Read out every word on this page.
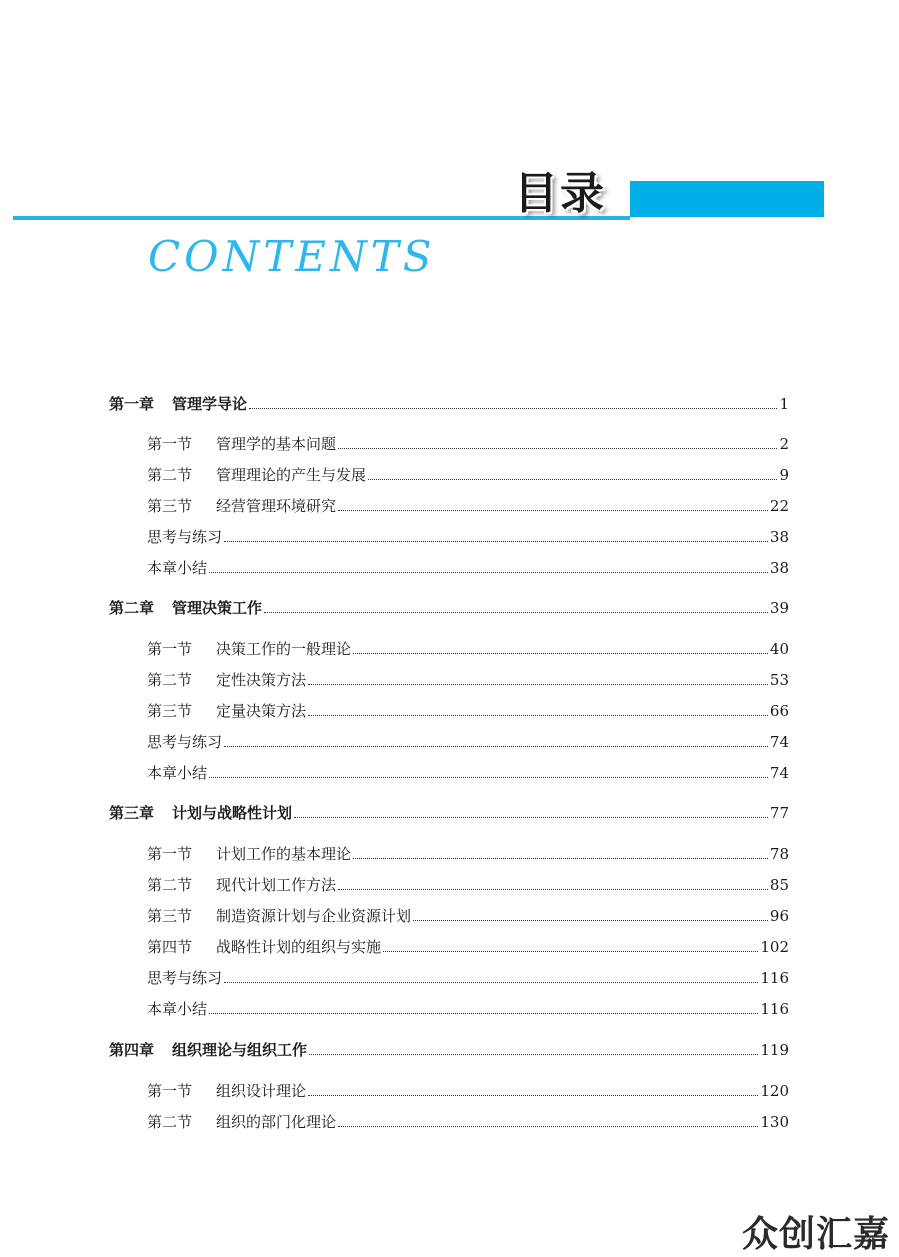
目录
CONTENTS
第一章 管理学导论	1
第一节 管理学的基本问题	2
第二节 管理理论的产生与发展	9
第三节 经营管理环境研究	22
思考与练习	38
本章小结	38
第二章 管理决策工作	39
第一节 决策工作的一般理论	40
第二节 定性决策方法	53
第三节 定量决策方法	66
思考与练习	74
本章小结	74
第三章 计划与战略性计划	77
第一节 计划工作的基本理论	78
第二节 现代计划工作方法	85
第三节 制造资源计划与企业资源计划	96
第四节 战略性计划的组织与实施	102
思考与练习	116
本章小结	116
第四章 组织理论与组织工作	119
第一节 组织设计理论	120
第二节 组织的部门化理论	130
众创汇嘉
